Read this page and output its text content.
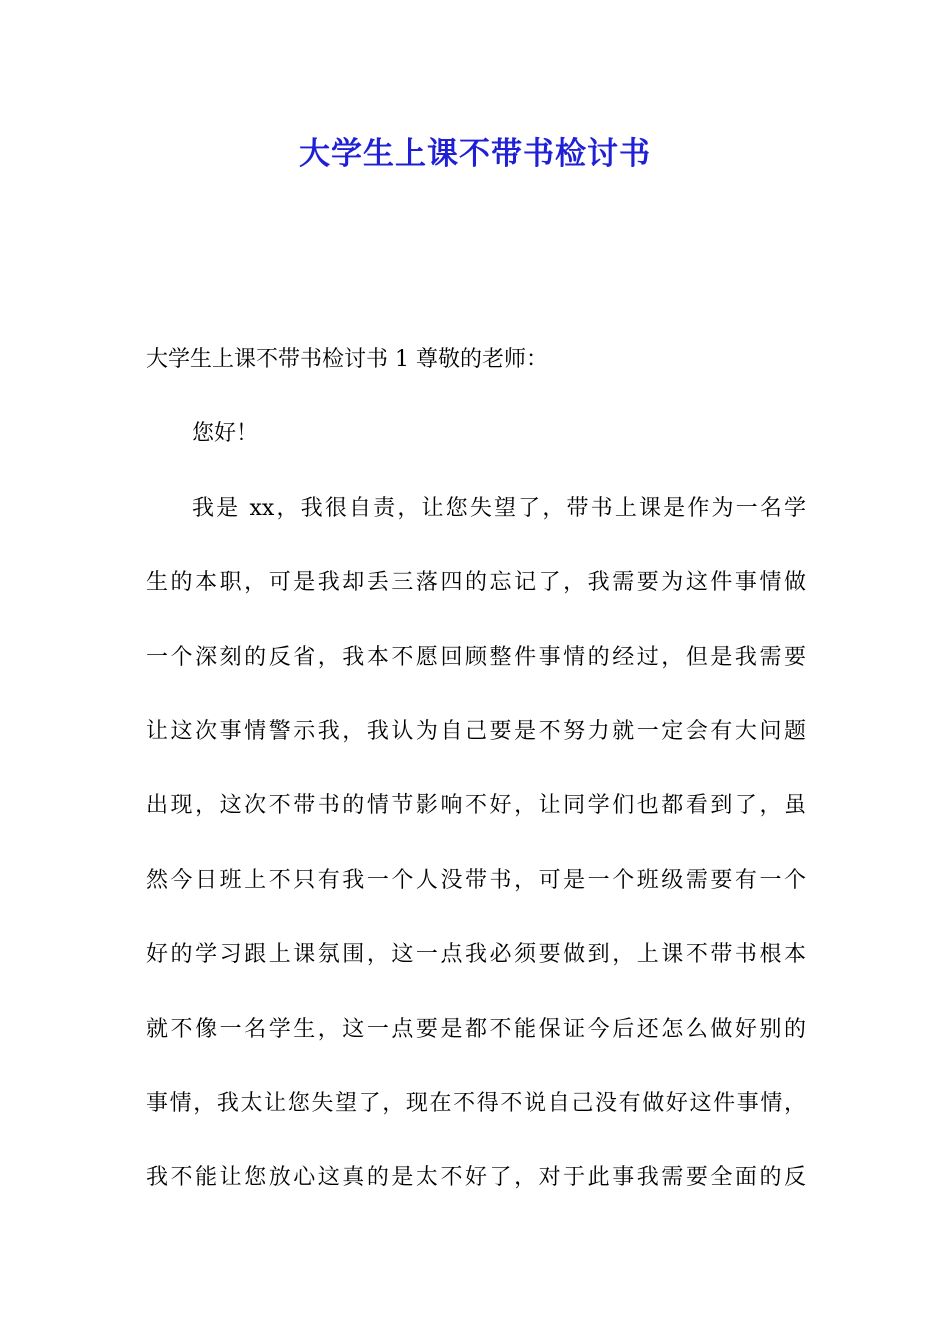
大学生上课不带书检讨书
大学生上课不带书检讨书 1 尊敬的老师：
您好！
我是 xx，我很自责，让您失望了，带书上课是作为一名学
生的本职，可是我却丢三落四的忘记了，我需要为这件事情做
一个深刻的反省，我本不愿回顾整件事情的经过，但是我需要
让这次事情警示我，我认为自己要是不努力就一定会有大问题
出现，这次不带书的情节影响不好，让同学们也都看到了，虽
然今日班上不只有我一个人没带书，可是一个班级需要有一个
好的学习跟上课氛围，这一点我必须要做到，上课不带书根本
就不像一名学生，这一点要是都不能保证今后还怎么做好别的
事情，我太让您失望了，现在不得不说自己没有做好这件事情，
我不能让您放心这真的是太不好了，对于此事我需要全面的反
